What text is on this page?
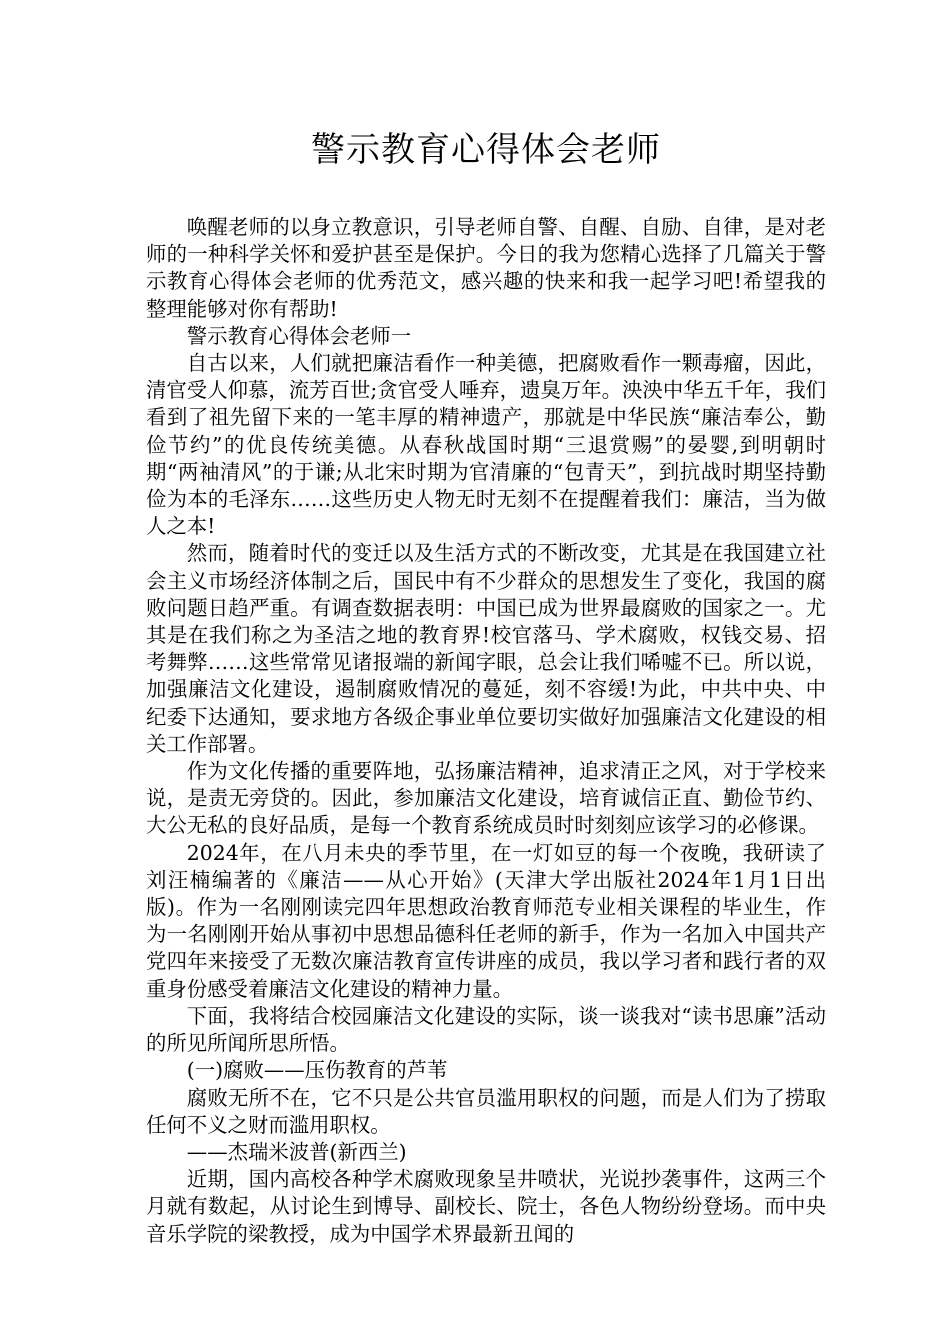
警示教育心得体会老师

唤醒老师的以身立教意识，引导老师自警、自醒、自励、自律，是对老师的一种科学关怀和爱护甚至是保护。今日的我为您精心选择了几篇关于警示教育心得体会老师的优秀范文，感兴趣的快来和我一起学习吧!希望我的整理能够对你有帮助!

警示教育心得体会老师一

自古以来，人们就把廉洁看作一种美德，把腐败看作一颗毒瘤，因此，清官受人仰慕，流芳百世;贪官受人唾弃，遗臭万年。泱泱中华五千年，我们看到了祖先留下来的一笔丰厚的精神遗产，那就是中华民族“廉洁奉公，勤俭节约”的优良传统美德。从春秋战国时期“三退赏赐”的晏婴,到明朝时期“两袖清风”的于谦;从北宋时期为官清廉的“包青天”，到抗战时期坚持勤俭为本的毛泽东……这些历史人物无时无刻不在提醒着我们：廉洁，当为做人之本!

然而，随着时代的变迁以及生活方式的不断改变，尤其是在我国建立社会主义市场经济体制之后，国民中有不少群众的思想发生了变化，我国的腐败问题日趋严重。有调查数据表明：中国已成为世界最腐败的国家之一。尤其是在我们称之为圣洁之地的教育界!校官落马、学术腐败，权钱交易、招考舞弊……这些常常见诸报端的新闻字眼，总会让我们唏嘘不已。所以说，加强廉洁文化建设，遏制腐败情况的蔓延，刻不容缓!为此，中共中央、中纪委下达通知，要求地方各级企事业单位要切实做好加强廉洁文化建设的相关工作部署。

作为文化传播的重要阵地，弘扬廉洁精神，追求清正之风，对于学校来说，是责无旁贷的。因此，参加廉洁文化建设，培育诚信正直、勤俭节约、大公无私的良好品质，是每一个教育系统成员时时刻刻应该学习的必修课。

2024年，在八月未央的季节里，在一灯如豆的每一个夜晚，我研读了刘汪楠编著的《廉洁——从心开始》(天津大学出版社2024年1月1日出版)。作为一名刚刚读完四年思想政治教育师范专业相关课程的毕业生，作为一名刚刚开始从事初中思想品德科任老师的新手，作为一名加入中国共产党四年来接受了无数次廉洁教育宣传讲座的成员，我以学习者和践行者的双重身份感受着廉洁文化建设的精神力量。

下面，我将结合校园廉洁文化建设的实际，谈一谈我对“读书思廉”活动的所见所闻所思所悟。

(一)腐败——压伤教育的芦苇

腐败无所不在，它不只是公共官员滥用职权的问题，而是人们为了捞取任何不义之财而滥用职权。

——杰瑞米波普(新西兰)

近期，国内高校各种学术腐败现象呈井喷状，光说抄袭事件，这两三个月就有数起，从讨论生到博导、副校长、院士，各色人物纷纷登场。而中央音乐学院的梁教授，成为中国学术界最新丑闻的
